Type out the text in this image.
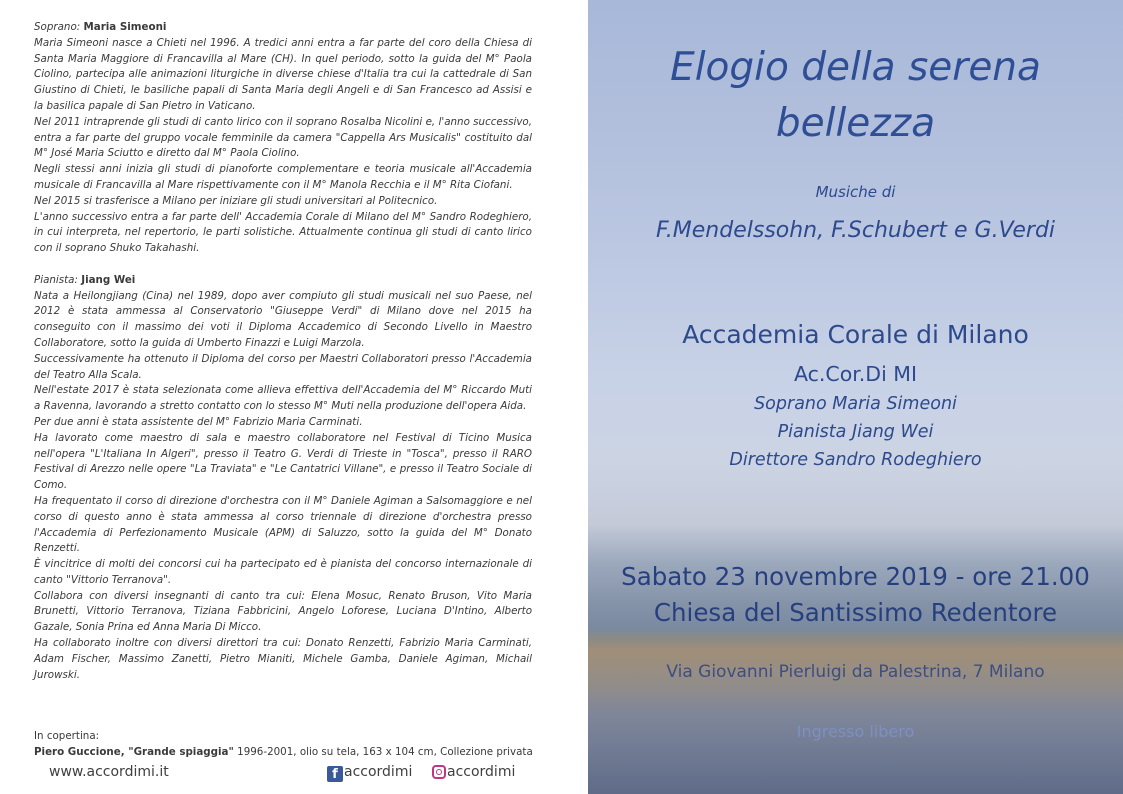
Soprano: Maria Simeoni

Maria Simeoni nasce a Chieti nel 1996. A tredici anni entra a far parte del coro della Chiesa di Santa Maria Maggiore di Francavilla al Mare (CH). In quel periodo, sotto la guida del M° Paola Ciolino, partecipa alle animazioni liturgiche in diverse chiese d'Italia tra cui la cattedrale di San Giustino di Chieti, le basiliche papali di Santa Maria degli Angeli e di San Francesco ad Assisi e la basilica papale di San Pietro in Vaticano.

Nel 2011 intraprende gli studi di canto lirico con il soprano Rosalba Nicolini e, l'anno successivo, entra a far parte del gruppo vocale femminile da camera "Cappella Ars Musicalis" costituito dal M° José Maria Sciutto e diretto dal M° Paola Ciolino.

Negli stessi anni inizia gli studi di pianoforte complementare e teoria musicale all'Accademia musicale di Francavilla al Mare rispettivamente con il M° Manola Recchia e il M° Rita Ciofani.

Nel 2015 si trasferisce a Milano per iniziare gli studi universitari al Politecnico.

L'anno successivo entra a far parte dell' Accademia Corale di Milano del M° Sandro Rodeghiero, in cui interpreta, nel repertorio, le parti solistiche. Attualmente continua gli studi di canto lirico con il soprano Shuko Takahashi.

Pianista: Jiang Wei

Nata a Heilongjiang (Cina) nel 1989, dopo aver compiuto gli studi musicali nel suo Paese, nel 2012 è stata ammessa al Conservatorio "Giuseppe Verdi" di Milano dove nel 2015 ha conseguito con il massimo dei voti il Diploma Accademico di Secondo Livello in Maestro Collaboratore, sotto la guida di Umberto Finazzi e Luigi Marzola.

Successivamente ha ottenuto il Diploma del corso per Maestri Collaboratori presso l'Accademia del Teatro Alla Scala.

Nell'estate 2017 è stata selezionata come allieva effettiva dell'Accademia del M° Riccardo Muti a Ravenna, lavorando a stretto contatto con lo stesso M° Muti nella produzione dell'opera Aida.

Per due anni è stata assistente del M° Fabrizio Maria Carminati.

Ha lavorato come maestro di sala e maestro collaboratore nel Festival di Ticino Musica nell'opera "L'Italiana In Algeri", presso il Teatro G. Verdi di Trieste in "Tosca", presso il RARO Festival di Arezzo nelle opere "La Traviata" e "Le Cantatrici Villane", e presso il Teatro Sociale di Como.

Ha frequentato il corso di direzione d'orchestra con il M° Daniele Agiman a Salsomaggiore e nel corso di questo anno è stata ammessa al corso triennale di direzione d'orchestra presso l'Accademia di Perfezionamento Musicale (APM) di Saluzzo, sotto la guida del M° Donato Renzetti.

È vincitrice di molti dei concorsi cui ha partecipato ed è pianista del concorso internazionale di canto "Vittorio Terranova".

Collabora con diversi insegnanti di canto tra cui: Elena Mosuc, Renato Bruson, Vito Maria Brunetti, Vittorio Terranova, Tiziana Fabbricini, Angelo Loforese, Luciana D'Intino, Alberto Gazale, Sonia Prina ed Anna Maria Di Micco.

Ha collaborato inoltre con diversi direttori tra cui: Donato Renzetti, Fabrizio Maria Carminati, Adam Fischer, Massimo Zanetti, Pietro Mianiti, Michele Gamba, Daniele Agiman, Michail Jurowski.

In copertina:
Piero Guccione, "Grande spiaggia" 1996-2001, olio su tela, 163 x 104 cm, Collezione privata
www.accordimi.it	f accordimi	accordimi
Elogio della serena
bellezza
Musiche di
F.Mendelssohn, F.Schubert e G.Verdi
Accademia Corale di Milano
Ac.Cor.Di MI
Soprano Maria Simeoni
Pianista Jiang Wei
Direttore Sandro Rodeghiero
Sabato 23 novembre 2019 - ore 21.00
Chiesa del Santissimo Redentore
Via Giovanni Pierluigi da Palestrina, 7 Milano
Ingresso libero
